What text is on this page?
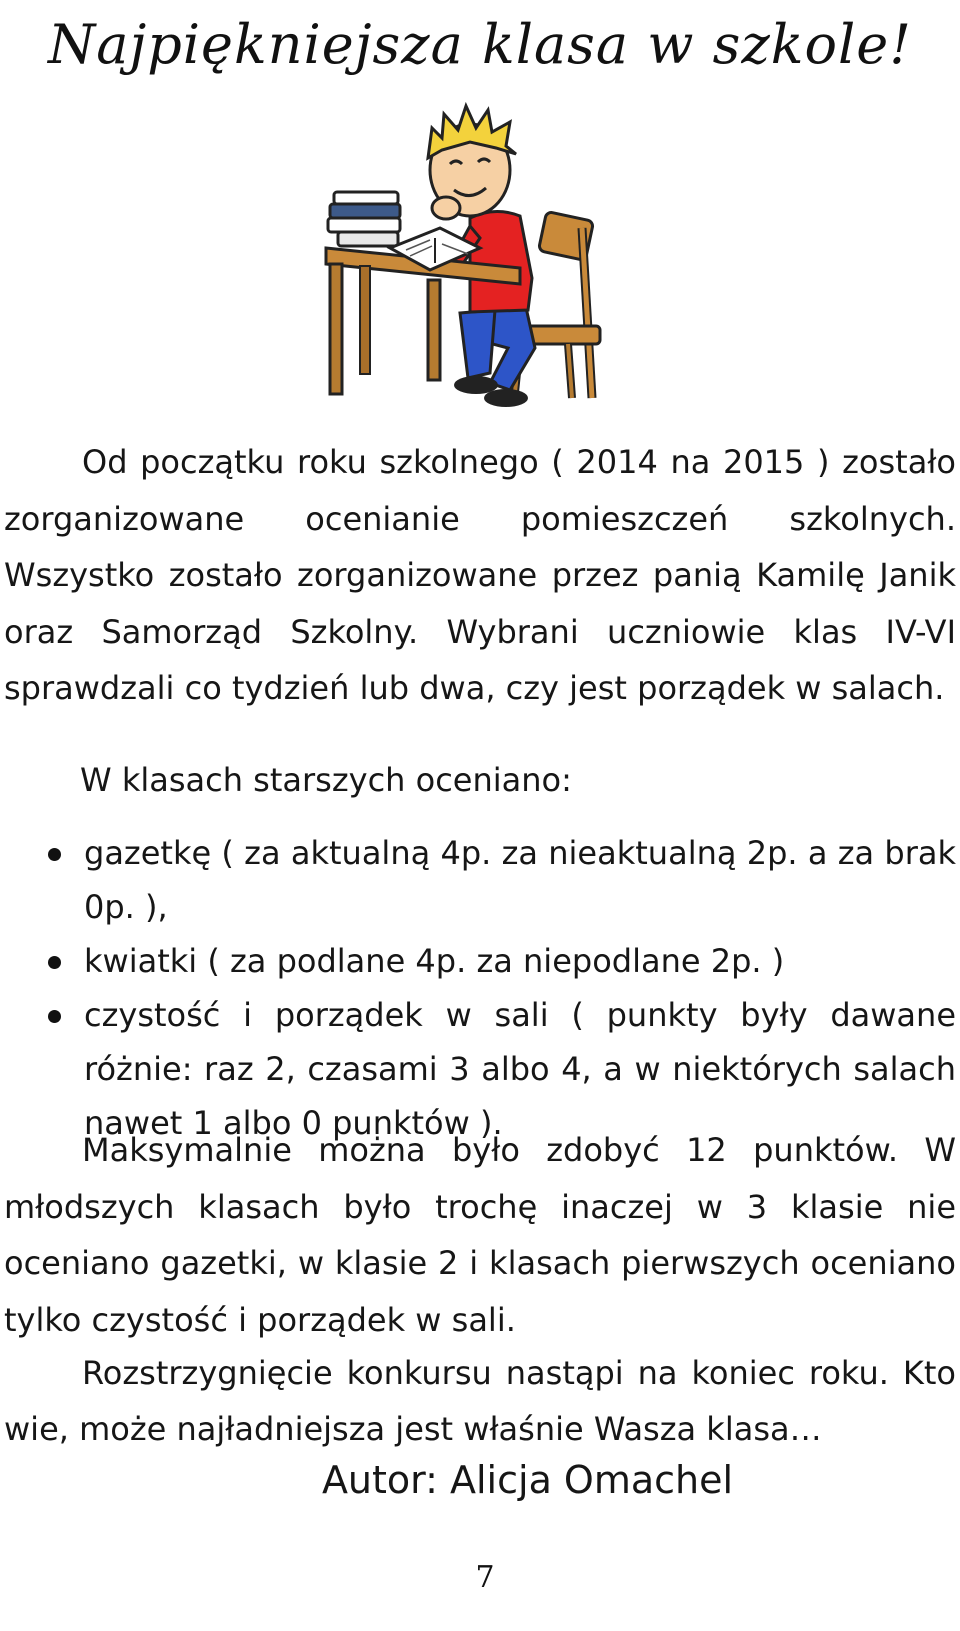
Najpiękniejsza klasa w szkole!

Od początku roku szkolnego ( 2014 na 2015 ) zostało zorganizowane ocenianie pomieszczeń szkolnych. Wszystko zostało zorganizowane przez panią Kamilę Janik oraz Samorząd Szkolny. Wybrani uczniowie klas IV-VI sprawdzali co tydzień lub dwa, czy jest porządek w salach.

W klasach starszych oceniano:

gazetkę ( za aktualną 4p. za nieaktualną 2p. a za brak 0p. ),
kwiatki ( za podlane 4p. za niepodlane 2p. )
czystość i porządek w sali ( punkty były dawane różnie: raz 2, czasami 3 albo 4, a w niektórych salach nawet 1 albo 0 punktów ).

Maksymalnie można było zdobyć 12 punktów. W młodszych klasach było trochę inaczej w 3 klasie nie oceniano gazetki, w klasie 2 i klasach pierwszych oceniano tylko czystość i porządek w sali.

Rozstrzygnięcie konkursu nastąpi na koniec roku. Kto wie, może najładniejsza jest właśnie Wasza klasa…

Autor: Alicja Omachel
7
